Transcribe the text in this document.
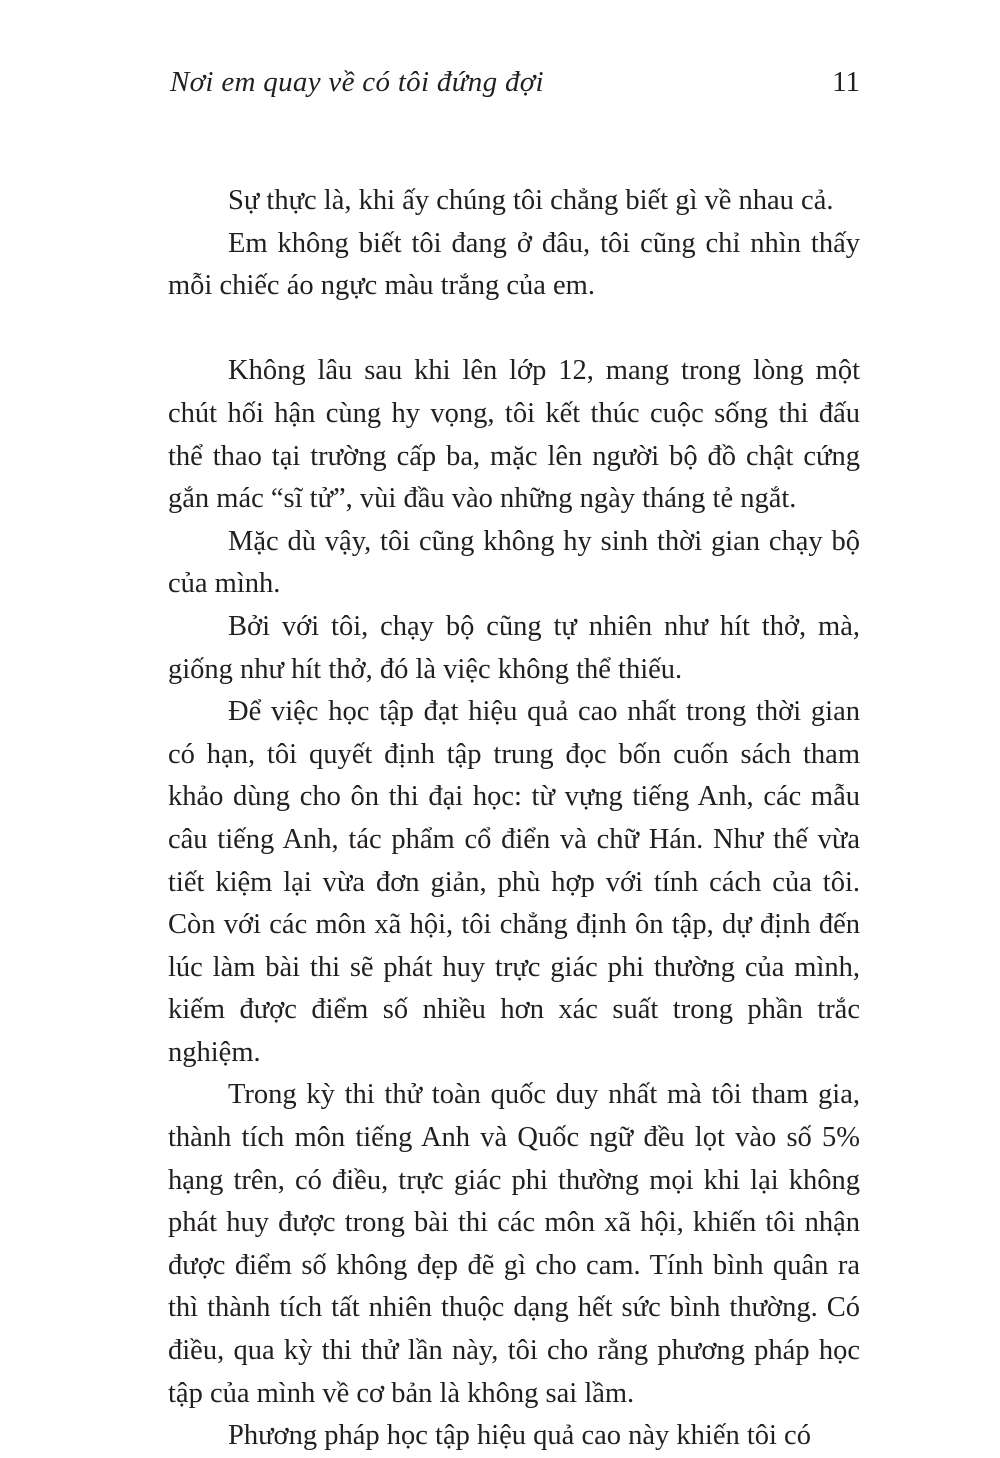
Nơi em quay về có tôi đứng đợi	11

Sự thực là, khi ấy chúng tôi chẳng biết gì về nhau cả.

Em không biết tôi đang ở đâu, tôi cũng chỉ nhìn thấy mỗi chiếc áo ngực màu trắng của em.

Không lâu sau khi lên lớp 12, mang trong lòng một chút hối hận cùng hy vọng, tôi kết thúc cuộc sống thi đấu thể thao tại trường cấp ba, mặc lên người bộ đồ chật cứng gắn mác “sĩ tử”, vùi đầu vào những ngày tháng tẻ ngắt.

Mặc dù vậy, tôi cũng không hy sinh thời gian chạy bộ của mình.

Bởi với tôi, chạy bộ cũng tự nhiên như hít thở, mà, giống như hít thở, đó là việc không thể thiếu.

Để việc học tập đạt hiệu quả cao nhất trong thời gian có hạn, tôi quyết định tập trung đọc bốn cuốn sách tham khảo dùng cho ôn thi đại học: từ vựng tiếng Anh, các mẫu câu tiếng Anh, tác phẩm cổ điển và chữ Hán. Như thế vừa tiết kiệm lại vừa đơn giản, phù hợp với tính cách của tôi. Còn với các môn xã hội, tôi chẳng định ôn tập, dự định đến lúc làm bài thi sẽ phát huy trực giác phi thường của mình, kiếm được điểm số nhiều hơn xác suất trong phần trắc nghiệm.

Trong kỳ thi thử toàn quốc duy nhất mà tôi tham gia, thành tích môn tiếng Anh và Quốc ngữ đều lọt vào số 5% hạng trên, có điều, trực giác phi thường mọi khi lại không phát huy được trong bài thi các môn xã hội, khiến tôi nhận được điểm số không đẹp đẽ gì cho cam. Tính bình quân ra thì thành tích tất nhiên thuộc dạng hết sức bình thường. Có điều, qua kỳ thi thử lần này, tôi cho rằng phương pháp học tập của mình về cơ bản là không sai lầm.

Phương pháp học tập hiệu quả cao này khiến tôi có
